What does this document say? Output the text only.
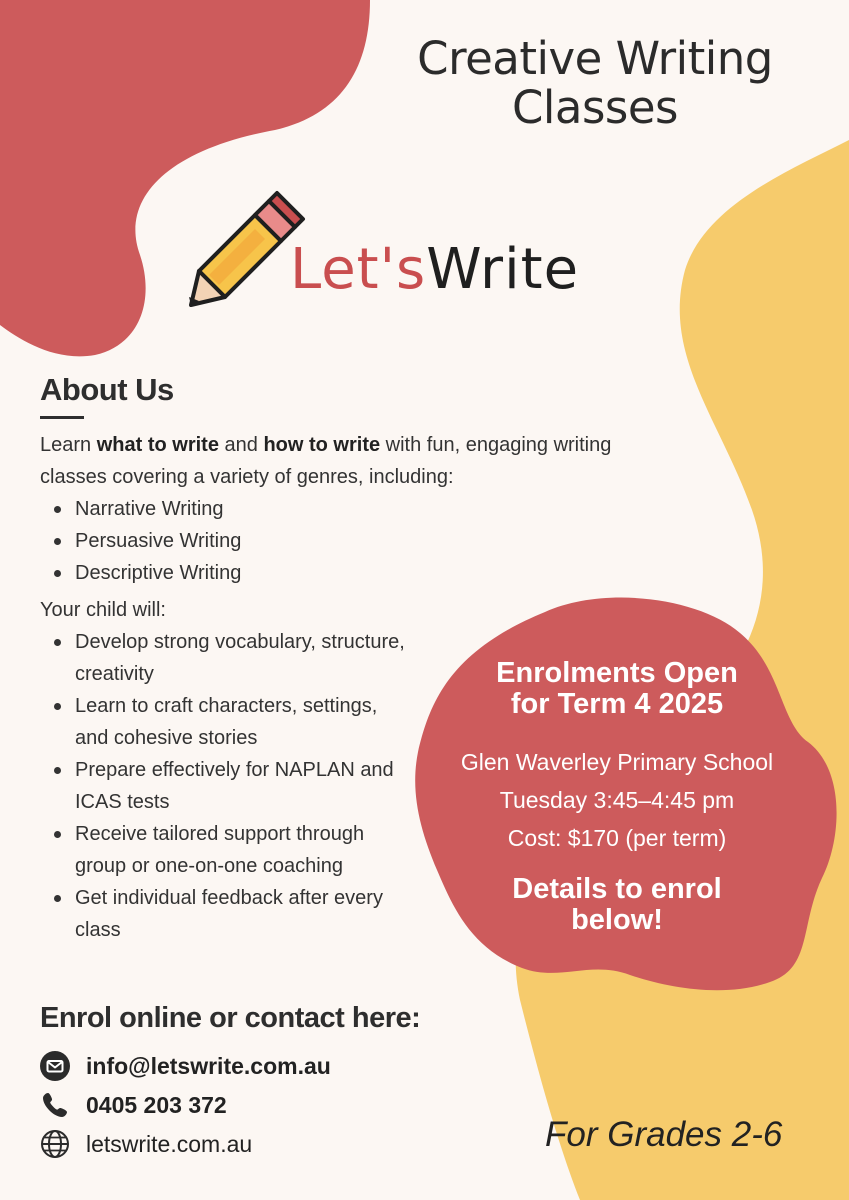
Creative Writing
Classes
Let'sWrite
About Us
Learn what to write and how to write with fun, engaging writing classes covering a variety of genres, including:
Narrative Writing
Persuasive Writing
Descriptive Writing
Your child will:
Develop strong vocabulary, structure, creativity
Learn to craft characters, settings, and cohesive stories
Prepare effectively for NAPLAN and ICAS tests
Receive tailored support through group or one-on-one coaching
Get individual feedback after every class
Enrolments Open
for Term 4 2025
Glen Waverley Primary School
Tuesday 3:45–4:45 pm
Cost: $170 (per term)
Details to enrol
below!
Enrol online or contact here:
info@letswrite.com.au
0405 203 372
letswrite.com.au	For Grades 2-6
